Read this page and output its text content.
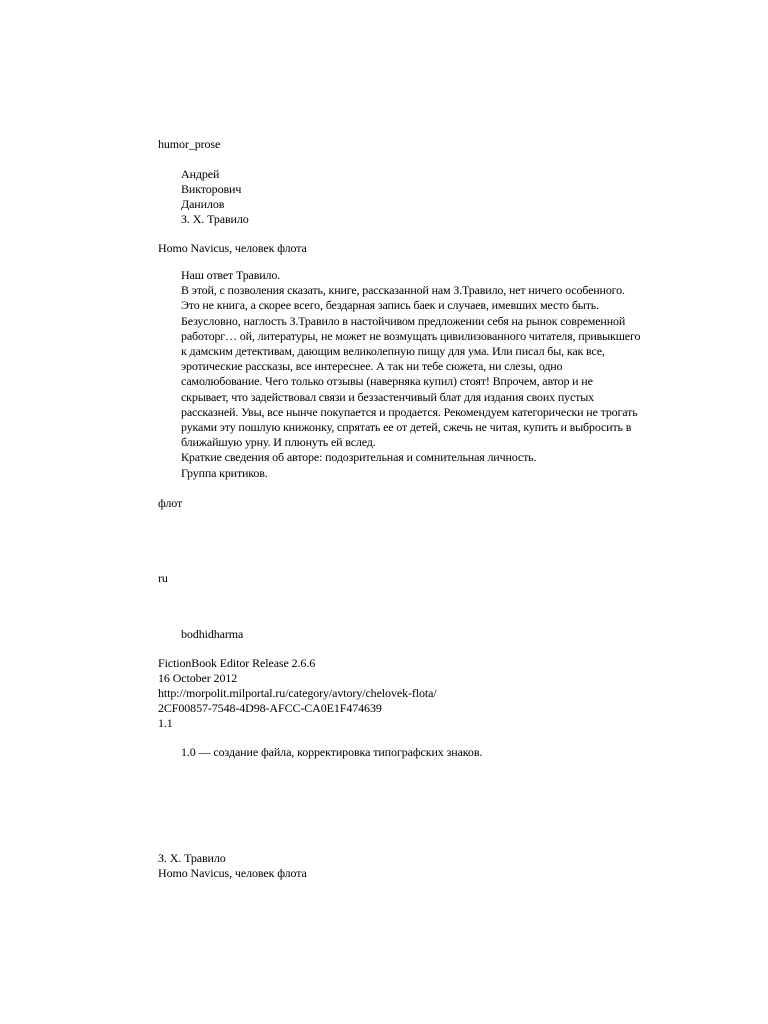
humor_prose
Андрей
Викторович
Данилов
З. Х. Травило
Homo Navicus, человек флота
Наш ответ Травило.
В этой, с позволения сказать, книге, рассказанной нам З.Травило, нет ничего особенного.
Это не книга, а скорее всего, бездарная запись баек и случаев, имевших место быть.
Безусловно, наглость З.Травило в настойчивом предложении себя на рынок современной
работорг… ой, литературы, не может не возмущать цивилизованного читателя, привыкшего
к дамским детективам, дающим великолепную пищу для ума. Или писал бы, как все,
эротические рассказы, все интереснее. А так ни тебе сюжета, ни слезы, одно
самолюбование. Чего только отзывы (наверняка купил) стоят! Впрочем, автор и не
скрывает, что задействовал связи и беззастенчивый блат для издания своих пустых
рассказней. Увы, все нынче покупается и продается. Рекомендуем категорически не трогать
руками эту пошлую книжонку, спрятать ее от детей, сжечь не читая, купить и выбросить в
ближайшую урну. И плюнуть ей вслед.
Краткие сведения об авторе: подозрительная и сомнительная личность.
Группа критиков.
флот
ru
bodhidharma
FictionBook Editor Release 2.6.6
16 October 2012
http://morpolit.milportal.ru/category/avtory/chelovek-flota/
2CF00857-7548-4D98-AFCC-CA0E1F474639
1.1
1.0 — создание файла, корректировка типографских знаков.
З. Х. Травило
Homo Navicus, человек флота
